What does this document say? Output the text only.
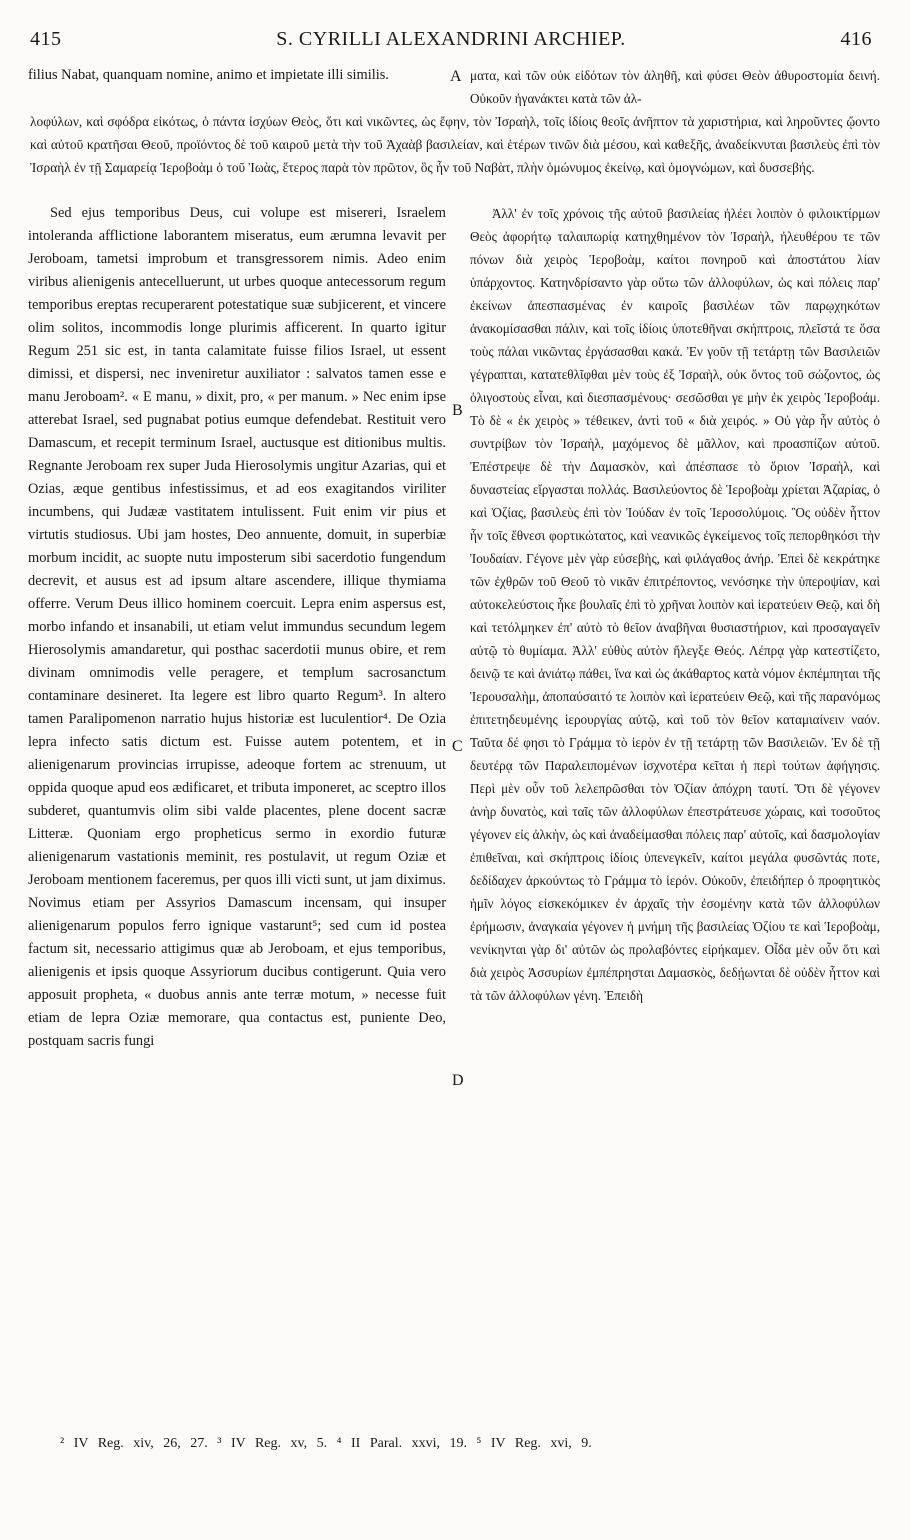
415	S. CYRILLI ALEXANDRINI ARCHIEP.	416

filius Nabat, quanquam nomine, animo et impietate illi similis.	ματα, καὶ τῶν οὐκ εἰδότων τὸν ἀληθῆ, καὶ φύσει Θεὸν ἀθυροστομία δεινή. Οὐκοῦν ἠγανάκτει κατὰ τῶν ἀλ-

λοφύλων, καὶ σφόδρα εἰκότως, ὁ πάντα ἰσχύων Θεὸς, ὅτι καὶ νικῶντες, ὡς ἔφην, τὸν Ἰσραὴλ, τοῖς ἰδίοις θεοῖς ἀνῆπτον τὰ χαριστήρια, καὶ ληροῦντες ᾤοντο καὶ αὐτοῦ κρατῆσαι Θεοῦ, προϊόντος δὲ τοῦ καιροῦ μετὰ τὴν τοῦ Ἀχαὰβ βασιλείαν, καὶ ἑτέρων τινῶν διὰ μέσου, καὶ καθεξῆς, ἀναδείκνυται βασιλεὺς ἐπὶ τὸν Ἰσραὴλ ἐν τῇ Σαμαρείᾳ Ἱεροβοὰμ ὁ τοῦ Ἰωὰς, ἕτερος παρὰ τὸν πρῶτον, ὃς ἦν τοῦ Ναβὰτ, πλὴν ὁμώνυμος ἐκείνῳ, καὶ ὁμογνώμων, καὶ δυσσεβής.

Sed ejus temporibus Deus, cui volupe est misereri, Israelem intoleranda afflictione laborantem miseratus, eum ærumna levavit per Jeroboam, tametsi improbum et transgressorem nimis. Adeo enim viribus alienigenis antecelluerunt, ut urbes quoque antecessorum regum temporibus ereptas recuperarent potestatique suæ subjicerent, et vincere olim solitos, incommodis longe plurimis afficerent. In quarto igitur Regum 251 sic est, in tanta calamitate fuisse filios Israel, ut essent dimissi, et dispersi, nec inveniretur auxiliator : salvatos tamen esse e manu Jeroboam². « E manu, » dixit, pro, « per manum. » Nec enim ipse atterebat Israel, sed pugnabat potius eumque defendebat. Restituit vero Damascum, et recepit terminum Israel, auctusque est ditionibus multis. Regnante Jeroboam rex super Juda Hierosolymis ungitur Azarias, qui et Ozias, æque gentibus infestissimus, et ad eos exagitandos viriliter incumbens, qui Judææ vastitatem intulissent. Fuit enim vir pius et virtutis studiosus. Ubi jam hostes, Deo annuente, domuit, in superbiæ morbum incidit, ac suopte nutu imposterum sibi sacerdotio fungendum decrevit, et ausus est ad ipsum altare ascendere, illique thymiama offerre. Verum Deus illico hominem coercuit. Lepra enim aspersus est, morbo infando et insanabili, ut etiam velut immundus secundum legem Hierosolymis amandaretur, qui posthac sacerdotii munus obire, et rem divinam omnimodis velle peragere, et templum sacrosanctum contaminare desineret. Ita legere est libro quarto Regum³. In altero tamen Paralipomenon narratio hujus historiæ est luculentior⁴. De Ozia lepra infecto satis dictum est. Fuisse autem potentem, et in alienigenarum provincias irrupisse, adeoque fortem ac strenuum, ut oppida quoque apud eos ædificaret, et tributa imponeret, ac sceptro illos subderet, quantumvis olim sibi valde placentes, plene docent sacræ Litteræ. Quoniam ergo propheticus sermo in exordio futuræ alienigenarum vastationis meminit, res postulavit, ut regum Oziæ et Jeroboam mentionem faceremus, per quos illi victi sunt, ut jam diximus. Novimus etiam per Assyrios Damascum incensam, qui insuper alienigenarum populos ferro ignique vastarunt⁵; sed cum id postea factum sit, necessario attigimus quæ ab Jeroboam, et ejus temporibus, alienigenis et ipsis quoque Assyriorum ducibus contigerunt. Quia vero apposuit propheta, « duobus annis ante terræ motum, » necesse fuit etiam de lepra Oziæ memorare, qua contactus est, puniente Deo, postquam sacris fungi

Ἀλλ' ἐν τοῖς χρόνοις τῆς αὐτοῦ βασιλείας ἠλέει λοιπὸν ὁ φιλοικτίρμων Θεὸς ἀφορήτῳ ταλαιπωρίᾳ κατηχθημένον τὸν Ἰσραὴλ, ἠλευθέρου τε τῶν πόνων διὰ χειρὸς Ἱεροβοὰμ, καίτοι πονηροῦ καὶ ἀποστάτου λίαν ὑπάρχοντος. Κατηνδρίσαντο γὰρ οὕτω τῶν ἀλλοφύλων, ὡς καὶ πόλεις παρ' ἐκείνων ἀπεσπασμένας ἐν καιροῖς βασιλέων τῶν παρῳχηκότων ἀνακομίσασθαι πάλιν, καὶ τοῖς ἰδίοις ὑποτεθῆναι σκήπτροις, πλεῖστά τε ὅσα τοὺς πάλαι νικῶντας ἐργάσασθαι κακά. Ἐν γοῦν τῇ τετάρτῃ τῶν Βασιλειῶν γέγραπται, κατατεθλῖφθαι μὲν τοὺς ἐξ Ἰσραὴλ, οὐκ ὄντος τοῦ σώζοντος, ὡς ὀλιγοστοὺς εἶναι, καὶ διεσπασμένους· σεσῶσθαι γε μὴν ἐκ χειρὸς Ἱεροβοάμ. Τὸ δὲ « ἐκ χειρὸς » τέθεικεν, ἀντὶ τοῦ « διὰ χειρός. » Οὐ γὰρ ἦν αὐτὸς ὁ συντρίβων τὸν Ἰσραὴλ, μαχόμενος δὲ μᾶλλον, καὶ προασπίζων αὐτοῦ. Ἐπέστρεψε δὲ τὴν Δαμασκὸν, καὶ ἀπέσπασε τὸ ὅριον Ἰσραὴλ, καὶ δυναστείας εἴργασται πολλάς. Βασιλεύοντος δὲ Ἱεροβοὰμ χρίεται Ἀζαρίας, ὁ καὶ Ὀζίας, βασιλεὺς ἐπὶ τὸν Ἰούδαν ἐν τοῖς Ἱεροσολύμοις. Ὃς οὐδὲν ἧττον ἦν τοῖς ἔθνεσι φορτικώτατος, καὶ νεανικῶς ἐγκείμενος τοῖς πεπορθηκόσι τὴν Ἰουδαίαν. Γέγονε μὲν γὰρ εὐσεβὴς, καὶ φιλάγαθος ἀνήρ. Ἐπεὶ δὲ κεκράτηκε τῶν ἐχθρῶν τοῦ Θεοῦ τὸ νικᾶν ἐπιτρέποντος, νενόσηκε τὴν ὑπεροψίαν, καὶ αὐτοκελεύστοις ἧκε βουλαῖς ἐπὶ τὸ χρῆναι λοιπὸν καὶ ἱερατεύειν Θεῷ, καὶ δὴ καὶ τετόλμηκεν ἐπ' αὐτὸ τὸ θεῖον ἀναβῆναι θυσιαστήριον, καὶ προσαγαγεῖν αὐτῷ τὸ θυμίαμα. Ἀλλ' εὐθὺς αὐτὸν ἤλεγξε Θεός. Λέπρᾳ γὰρ κατεστίζετο, δεινῷ τε καὶ ἀνιάτῳ πάθει, ἵνα καὶ ὡς ἀκάθαρτος κατὰ νόμον ἐκπέμπηται τῆς Ἱερουσαλὴμ, ἀποπαύσαιτό τε λοιπὸν καὶ ἱερατεύειν Θεῷ, καὶ τῆς παρανόμως ἐπιτετηδευμένης ἱερουργίας αὐτῷ, καὶ τοῦ τὸν θεῖον καταμιαίνειν ναόν. Ταῦτα δέ φησι τὸ Γράμμα τὸ ἱερὸν ἐν τῇ τετάρτῃ τῶν Βασιλειῶν. Ἐν δὲ τῇ δευτέρᾳ τῶν Παραλειπομένων ἰσχνοτέρα κεῖται ἡ περὶ τούτων ἀφήγησις. Περὶ μὲν οὖν τοῦ λελεπρῶσθαι τὸν Ὀζίαν ἀπόχρη ταυτί. Ὅτι δὲ γέγονεν ἀνὴρ δυνατὸς, καὶ ταῖς τῶν ἀλλοφύλων ἐπεστράτευσε χώραις, καὶ τοσοῦτος γέγονεν εἰς ἀλκὴν, ὡς καὶ ἀναδείμασθαι πόλεις παρ' αὐτοῖς, καὶ δασμολογίαν ἐπιθεῖναι, καὶ σκήπτροις ἰδίοις ὑπενεγκεῖν, καίτοι μεγάλα φυσῶντάς ποτε, δεδίδαχεν ἀρκούντως τὸ Γράμμα τὸ ἱερόν. Οὐκοῦν, ἐπειδήπερ ὁ προφητικὸς ἡμῖν λόγος εἰσκεκόμικεν ἐν ἀρχαῖς τὴν ἐσομένην κατὰ τῶν ἀλλοφύλων ἐρήμωσιν, ἀναγκαία γέγονεν ἡ μνήμη τῆς βασιλείας Ὀζίου τε καὶ Ἱεροβοὰμ, νενίκηνται γὰρ δι' αὐτῶν ὡς προλαβόντες εἰρήκαμεν. Οἶδα μὲν οὖν ὅτι καὶ διὰ χειρὸς Ἀσσυρίων ἐμπέπρησται Δαμασκὸς, δεδῄωνται δὲ οὐδὲν ἧττον καὶ τὰ τῶν ἀλλοφύλων γένη. Ἐπειδὴ

A
B
C
D
² IV Reg. xiv, 26, 27. ³ IV Reg. xv, 5. ⁴ II Paral. xxvi, 19. ⁵ IV Reg. xvi, 9.
